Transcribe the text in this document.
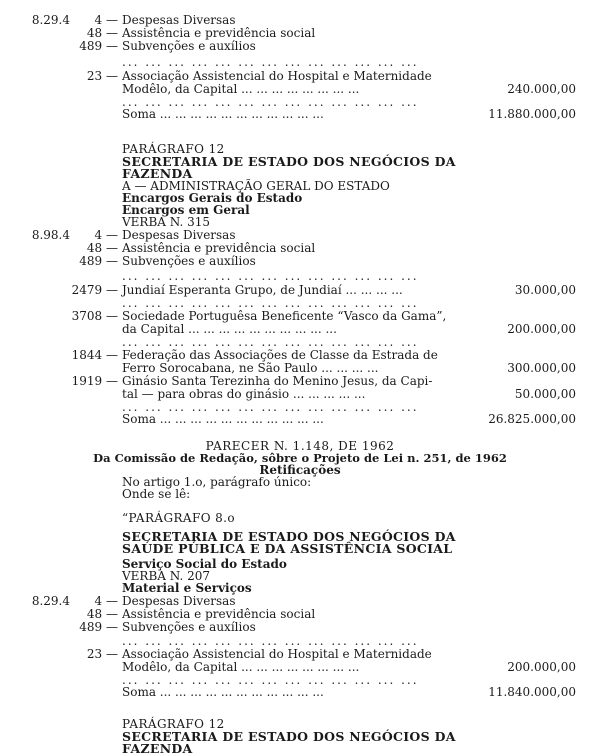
8.29.4	4 — Despesas Diversas
48 — Assistência e previdência social
489 — Subvenções e auxílios
... ... ... ... ... ... ... ... ... ... ... ... ...
23 — Associação Assistencial do Hospital e Maternidade
Modêlo, da Capital ... ... ... ... ... ... ... ...	240.000,00
... ... ... ... ... ... ... ... ... ... ... ... ...
Soma ... ... ... ... ... ... ... ... ... ... ...	11.880.000,00
PARÁGRAFO 12
SECRETARIA DE ESTADO DOS NEGÓCIOS DA
FAZENDA
A — ADMINISTRAÇÃO GERAL DO ESTADO
Encargos Gerais do Estado
Encargos em Geral
VERBA N. 315
8.98.4	4 — Despesas Diversas
48 — Assistência e previdência social
489 — Subvenções e auxílios
... ... ... ... ... ... ... ... ... ... ... ... ...
2479 — Jundiaí Esperanta Grupo, de Jundiaí ... ... ... ...	30.000,00
... ... ... ... ... ... ... ... ... ... ... ... ...
3708 — Sociedade Portuguêsa Beneficente “Vasco da Gama”,
da Capital ... ... ... ... ... ... ... ... ... ...	200.000,00
... ... ... ... ... ... ... ... ... ... ... ... ...
1844 — Federação das Associações de Classe da Estrada de
Ferro Sorocabana, ne São Paulo ... ... ... ...	300.000,00
1919 — Ginásio Santa Terezinha do Menino Jesus, da Capi-
tal — para obras do ginásio ... ... ... ... ...	50.000,00
... ... ... ... ... ... ... ... ... ... ... ... ...
Soma ... ... ... ... ... ... ... ... ... ... ...	26.825.000,00
PARECER N. 1.148, DE 1962
Da Comissão de Redação, sôbre o Projeto de Lei n. 251, de 1962
Retificações
No artigo 1.o, parágrafo único:
Onde se lê:
“PARÁGRAFO 8.o
SECRETARIA DE ESTADO DOS NEGÓCIOS DA
SAÚDE PÚBLICA E DA ASSISTÊNCIA SOCIAL
Serviço Social do Estado
VERBA N. 207
Material e Serviços
8.29.4	4 — Despesas Diversas
48 — Assistência e previdência social
489 — Subvenções e auxílios
... ... ... ... ... ... ... ... ... ... ... ... ...
23 — Associação Assistencial do Hospital e Maternidade
Modêlo, da Capital ... ... ... ... ... ... ... ...	200.000,00
... ... ... ... ... ... ... ... ... ... ... ... ...
Soma ... ... ... ... ... ... ... ... ... ... ...	11.840.000,00
PARÁGRAFO 12
SECRETARIA DE ESTADO DOS NEGÓCIOS DA
FAZENDA
